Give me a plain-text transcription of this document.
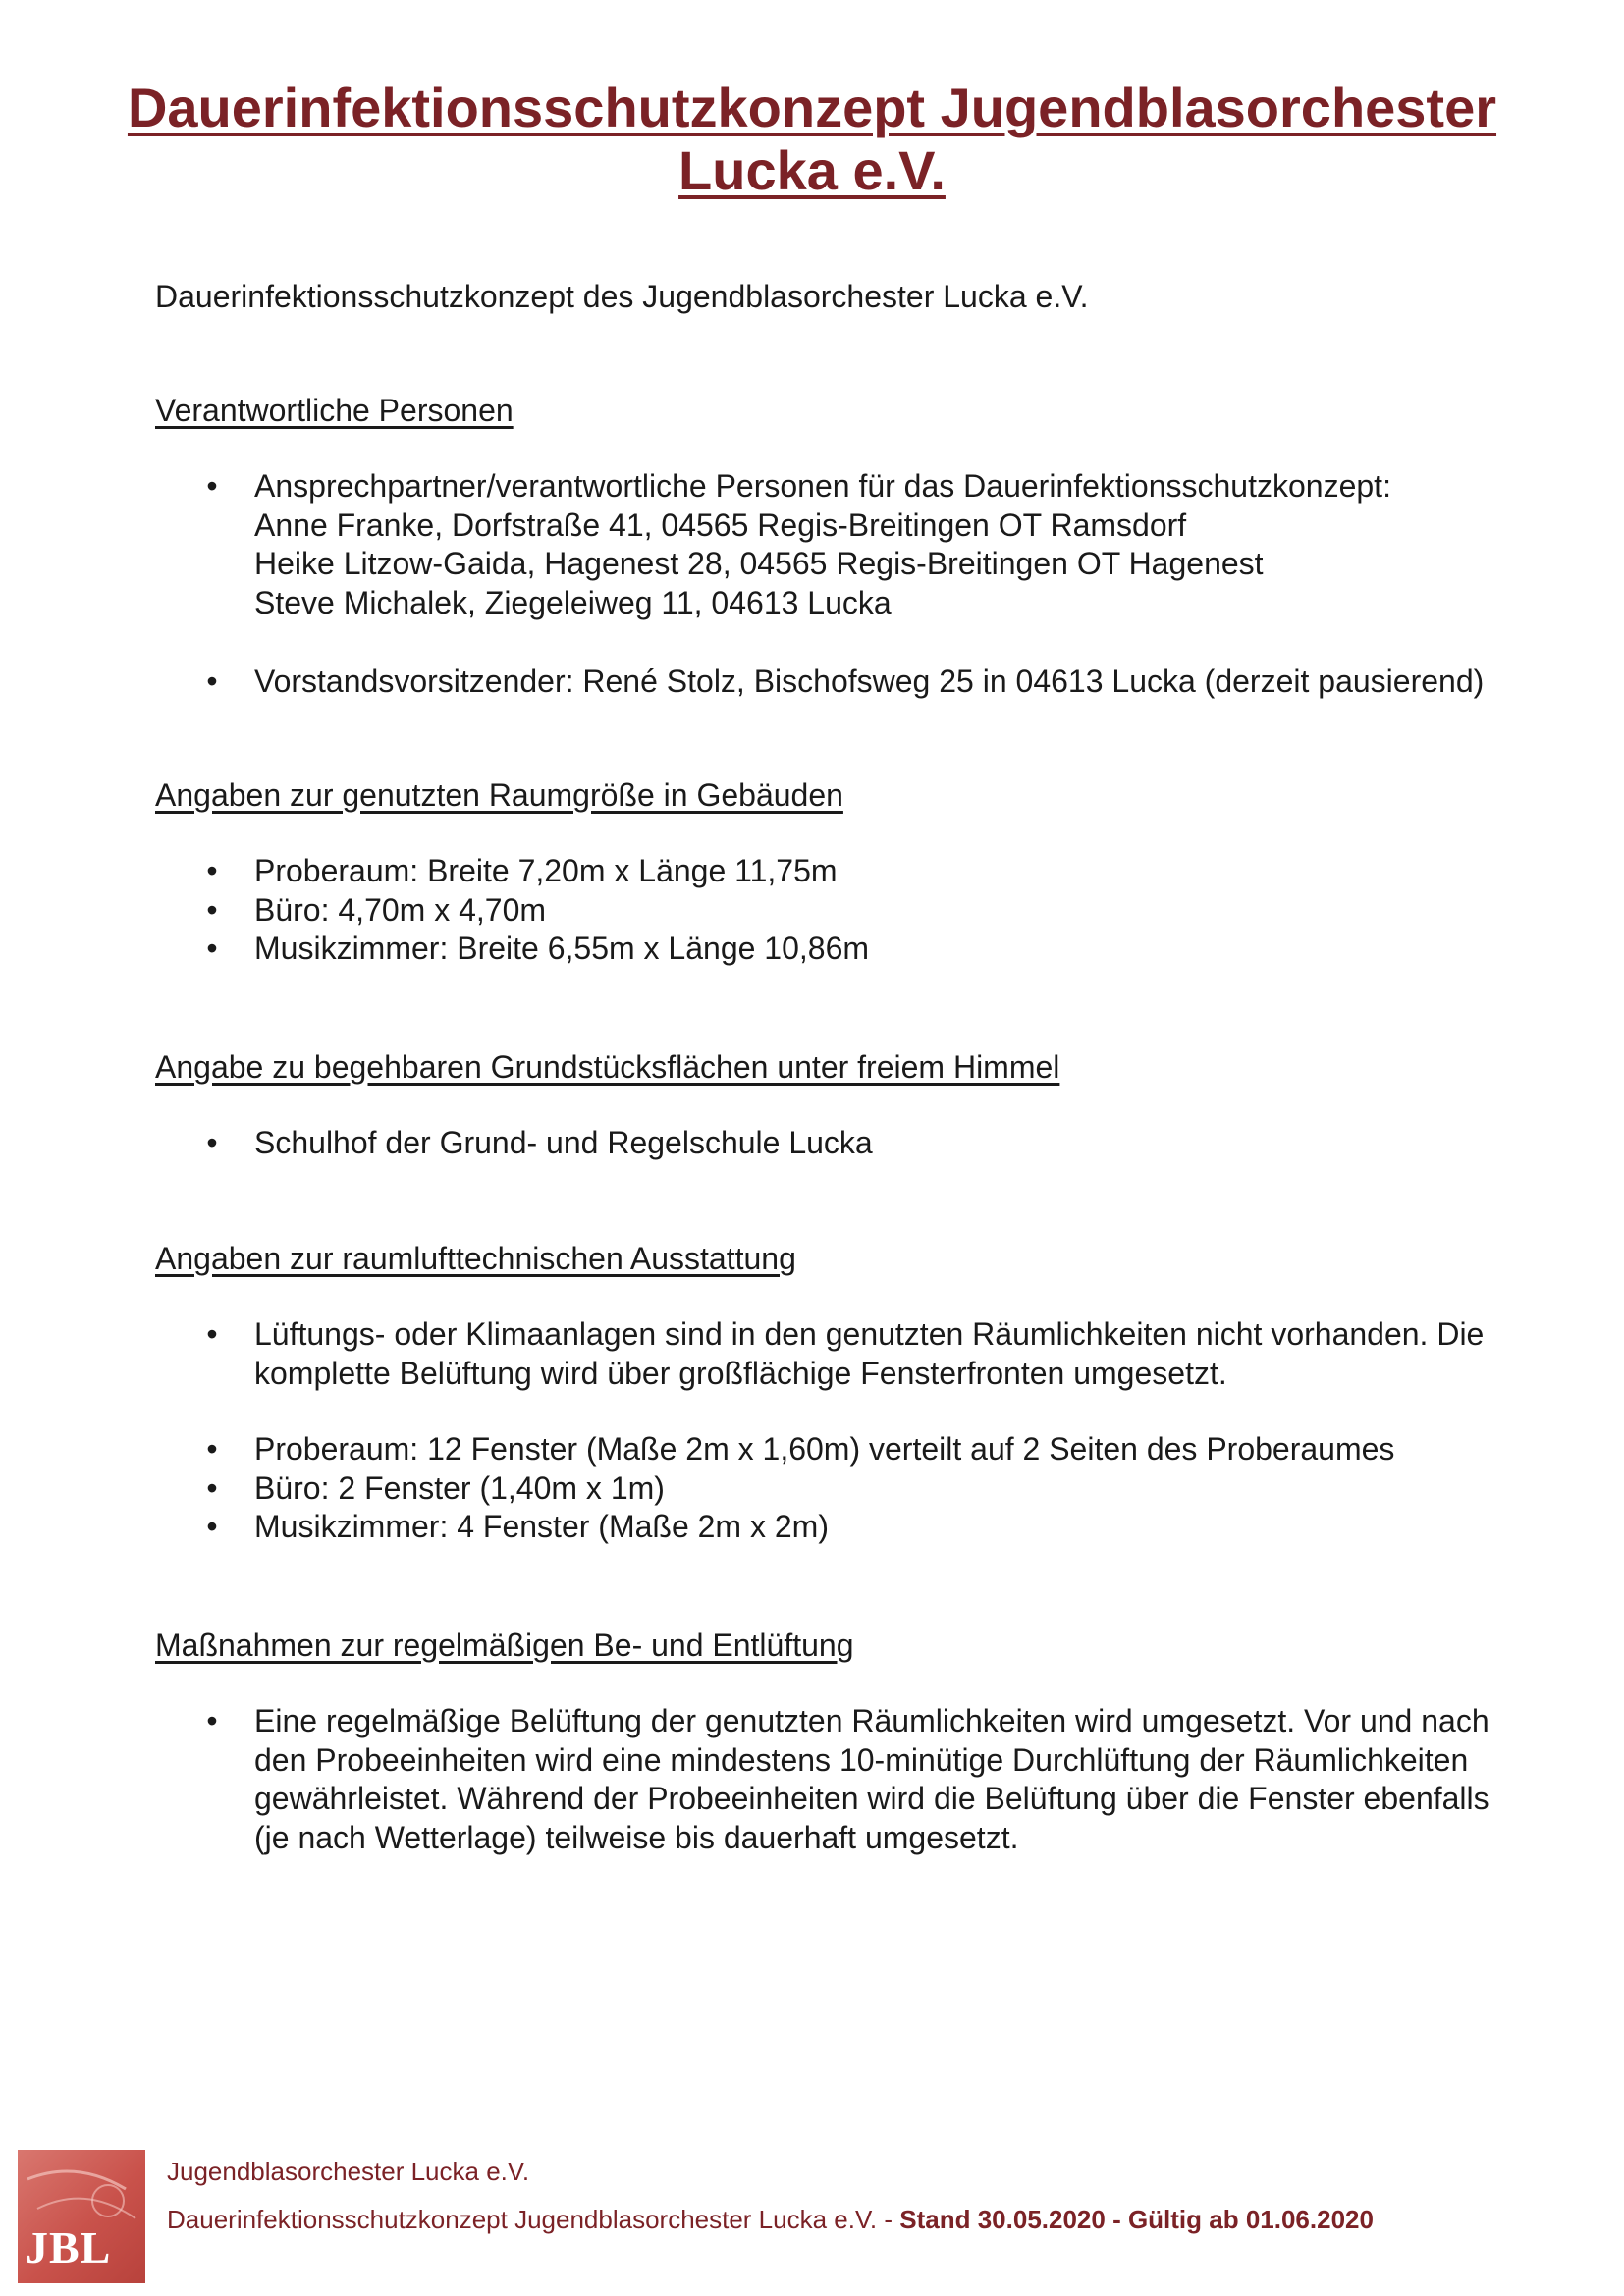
Dauerinfektionsschutzkonzept Jugendblasorchester
Lucka e.V.
Dauerinfektionsschutzkonzept des Jugendblasorchester Lucka e.V.

Verantwortliche Personen

• Ansprechpartner/verantwortliche Personen für das Dauerinfektionsschutzkonzept:
Anne Franke, Dorfstraße 41, 04565 Regis-Breitingen OT Ramsdorf
Heike Litzow-Gaida, Hagenest 28, 04565 Regis-Breitingen OT Hagenest
Steve Michalek, Ziegeleiweg 11, 04613 Lucka
• Vorstandsvorsitzender: René Stolz, Bischofsweg 25 in 04613 Lucka (derzeit pausierend)

Angaben zur genutzten Raumgröße in Gebäuden

• Proberaum: Breite 7,20m x Länge 11,75m
• Büro: 4,70m x 4,70m
• Musikzimmer: Breite 6,55m x Länge 10,86m

Angabe zu begehbaren Grundstücksflächen unter freiem Himmel

• Schulhof der Grund- und Regelschule Lucka

Angaben zur raumlufttechnischen Ausstattung

• Lüftungs- oder Klimaanlagen sind in den genutzten Räumlichkeiten nicht vorhanden. Die
komplette Belüftung wird über großflächige Fensterfronten umgesetzt.
• Proberaum: 12 Fenster (Maße 2m x 1,60m) verteilt auf 2 Seiten des Proberaumes
• Büro: 2 Fenster (1,40m x 1m)
• Musikzimmer: 4 Fenster (Maße 2m x 2m)

Maßnahmen zur regelmäßigen Be- und Entlüftung

• Eine regelmäßige Belüftung der genutzten Räumlichkeiten wird umgesetzt. Vor und nach
den Probeeinheiten wird eine mindestens 10-minütige Durchlüftung der Räumlichkeiten
gewährleistet. Während der Probeeinheiten wird die Belüftung über die Fenster ebenfalls
(je nach Wetterlage) teilweise bis dauerhaft umgesetzt.
JBL
Jugendblasorchester Lucka e.V.
Dauerinfektionsschutzkonzept Jugendblasorchester Lucka e.V. - Stand 30.05.2020 - Gültig ab 01.06.2020
